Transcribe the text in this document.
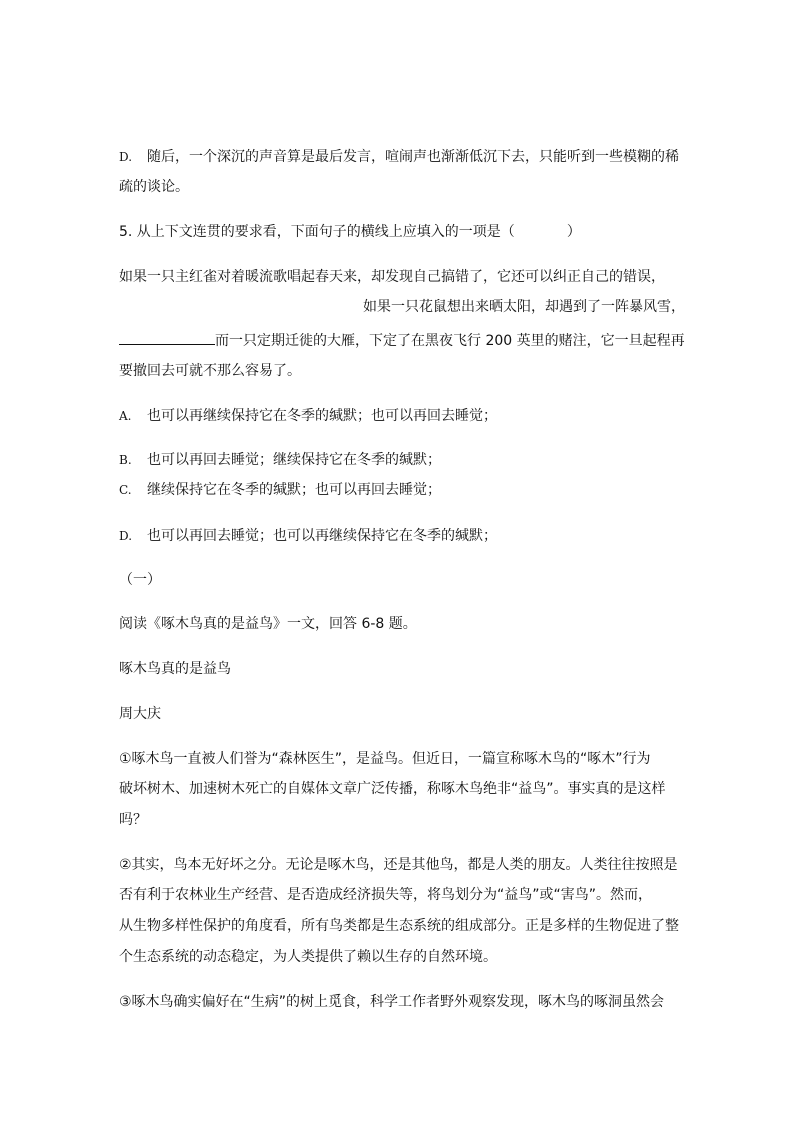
D. 随后，一个深沉的声音算是最后发言，喧闹声也渐渐低沉下去，只能听到一些模糊的稀
疏的谈论。
5. 从上下文连贯的要求看，下面句子的横线上应填入的一项是（	）
如果一只主红雀对着暖流歌唱起春天来，却发现自己搞错了，它还可以纠正自己的错误，
如果一只花鼠想出来晒太阳，却遇到了一阵暴风雪，
而一只定期迁徙的大雁，下定了在黑夜飞行 200 英里的赌注，它一旦起程再
要撤回去可就不那么容易了。
A. 也可以再继续保持它在冬季的缄默；也可以再回去睡觉；
B. 也可以再回去睡觉；继续保持它在冬季的缄默；
C. 继续保持它在冬季的缄默；也可以再回去睡觉；
D. 也可以再回去睡觉；也可以再继续保持它在冬季的缄默；
（一）
阅读《啄木鸟真的是益鸟》一文，回答 6-8 题。
啄木鸟真的是益鸟
周大庆
①啄木鸟一直被人们誉为“森林医生”，是益鸟。但近日，一篇宣称啄木鸟的“啄木”行为
破坏树木、加速树木死亡的自媒体文章广泛传播，称啄木鸟绝非“益鸟”。事实真的是这样
吗？
②其实，鸟本无好坏之分。无论是啄木鸟，还是其他鸟，都是人类的朋友。人类往往按照是
否有利于农林业生产经营、是否造成经济损失等，将鸟划分为“益鸟”或“害鸟”。然而，
从生物多样性保护的角度看，所有鸟类都是生态系统的组成部分。正是多样的生物促进了整
个生态系统的动态稳定，为人类提供了赖以生存的自然环境。
③啄木鸟确实偏好在“生病”的树上觅食，科学工作者野外观察发现，啄木鸟的啄洞虽然会
